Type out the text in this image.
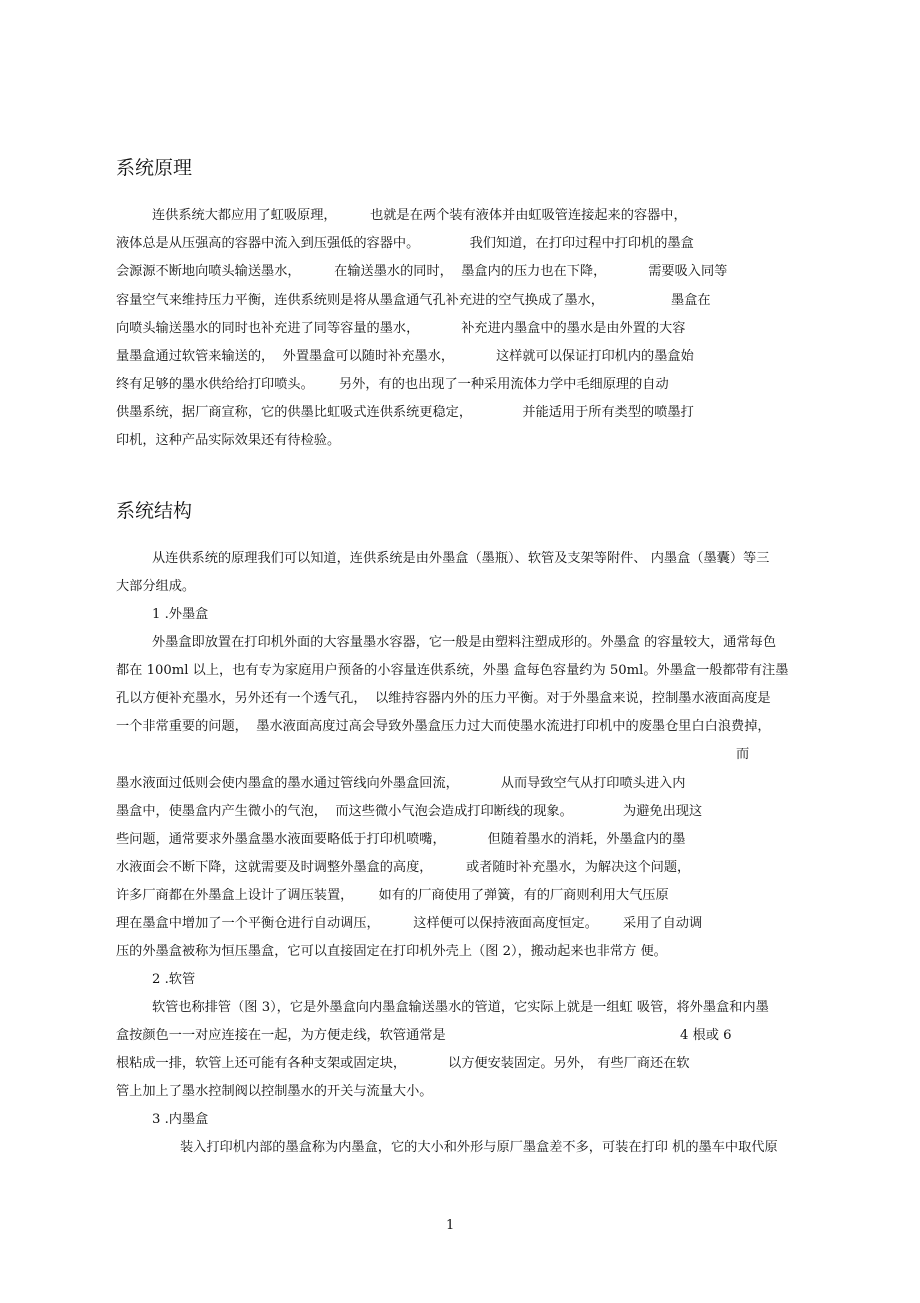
系统原理
连供系统大都应用了虹吸原理，        也就是在两个装有液体并由虹吸管连接起来的容器中，
液体总是从压强高的容器中流入到压强低的容器中。            我们知道，在打印过程中打印机的墨盒
会源源不断地向喷头输送墨水，        在输送墨水的同时，  墨盒内的压力也在下降，          需要吸入同等
容量空气来维持压力平衡，连供系统则是将从墨盒通气孔补充进的空气换成了墨水，                墨盒在
向喷头输送墨水的同时也补充进了同等容量的墨水，          补充进内墨盒中的墨水是由外置的大容
量墨盒通过软管来输送的，  外置墨盒可以随时补充墨水，          这样就可以保证打印机内的墨盒始
终有足够的墨水供给给打印喷头。      另外，有的也出现了一种采用流体力学中毛细原理的自动
供墨系统，据厂商宣称，它的供墨比虹吸式连供系统更稳定，            并能适用于所有类型的喷墨打
印机，这种产品实际效果还有待检验。
系统结构
从连供系统的原理我们可以知道，连供系统是由外墨盒（墨瓶）、软管及支架等附件、 内墨盒（墨囊）等三
大部分组成。
1 .外墨盒
外墨盒即放置在打印机外面的大容量墨水容器，它一般是由塑料注塑成形的。外墨盒 的容量较大，通常每色
都在 100ml 以上，也有专为家庭用户预备的小容量连供系统，外墨 盒每色容量约为 50ml。外墨盒一般都带有注墨
孔以方便补充墨水，另外还有一个透气孔，  以维持容器内外的压力平衡。对于外墨盒来说，控制墨水液面高度是
一个非常重要的问题，  墨水液面高度过高会导致外墨盒压力过大而使墨水流进打印机中的废墨仓里白白浪费掉，
而
墨水液面过低则会使内墨盒的墨水通过管线向外墨盒回流，          从而导致空气从打印喷头进入内
墨盒中，使墨盒内产生微小的气泡，  而这些微小气泡会造成打印断线的现象。            为避免出现这
些问题，通常要求外墨盒墨水液面要略低于打印机喷嘴，          但随着墨水的消耗，外墨盒内的墨
水液面会不断下降，这就需要及时调整外墨盒的高度，        或者随时补充墨水，为解决这个问题，
许多厂商都在外墨盒上设计了调压装置，      如有的厂商使用了弹簧，有的厂商则利用大气压原
理在墨盒中增加了一个平衡仓进行自动调压，        这样便可以保持液面高度恒定。      采用了自动调
压的外墨盒被称为恒压墨盒，它可以直接固定在打印机外壳上（图 2），搬动起来也非常方 便。
2 .软管
软管也称排管（图 3），它是外墨盒向内墨盒输送墨水的管道，它实际上就是一组虹 吸管，将外墨盒和内墨
盒按颜色一一对应连接在一起，为方便走线，软管通常是	4 根或 6
根粘成一排，软管上还可能有各种支架或固定块，          以方便安装固定。另外， 有些厂商还在软
管上加上了墨水控制阀以控制墨水的开关与流量大小。
3 .内墨盒
装入打印机内部的墨盒称为内墨盒，它的大小和外形与原厂墨盒差不多，可装在打印 机的墨车中取代原
1
